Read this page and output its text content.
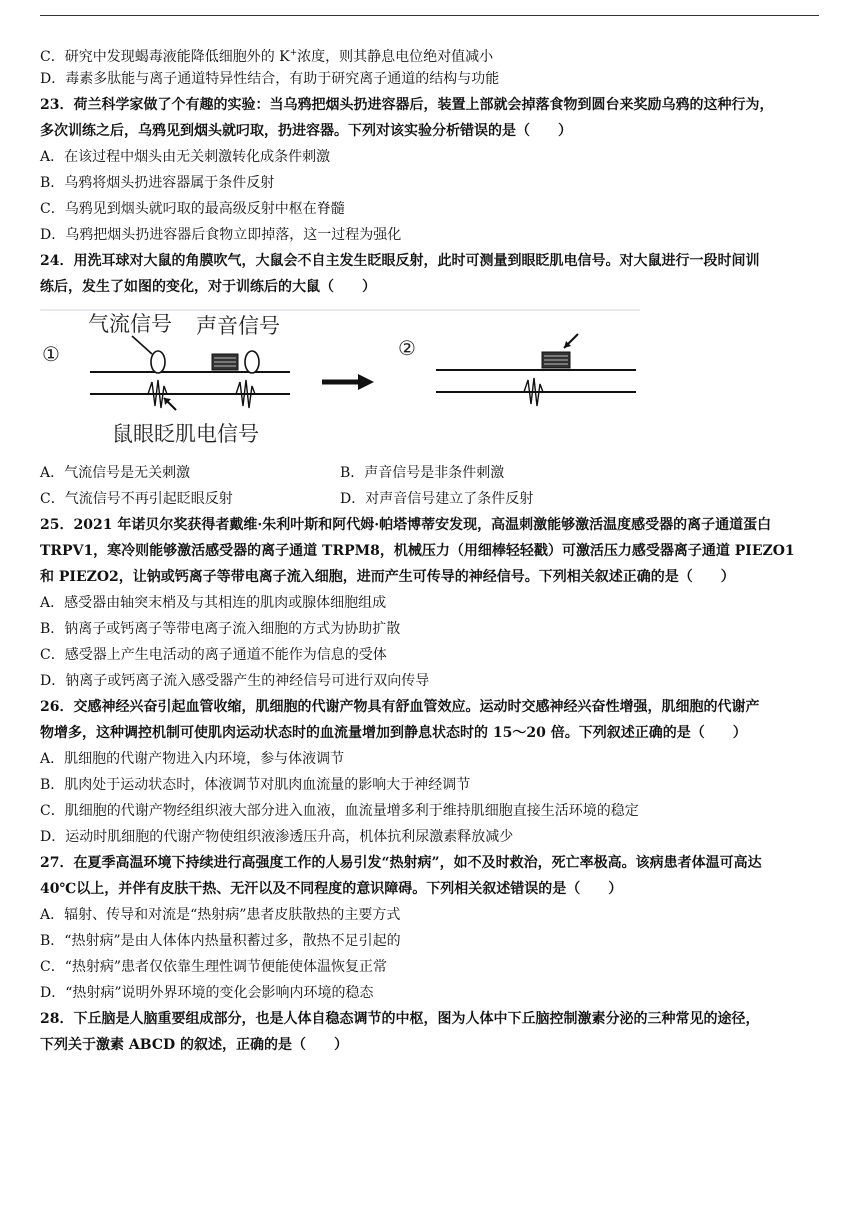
C．研究中发现蝎毒液能降低细胞外的 K+浓度，则其静息电位绝对值减小
D．毒素多肽能与离子通道特异性结合，有助于研究离子通道的结构与功能
23．荷兰科学家做了个有趣的实验：当乌鸦把烟头扔进容器后，装置上部就会掉落食物到圆台来奖励乌鸦的这种行为，
多次训练之后，乌鸦见到烟头就叼取，扔进容器。下列对该实验分析错误的是（　　）
A．在该过程中烟头由无关刺激转化成条件刺激
B．乌鸦将烟头扔进容器属于条件反射
C．乌鸦见到烟头就叼取的最高级反射中枢在脊髓
D．乌鸦把烟头扔进容器后食物立即掉落，这一过程为强化
24．用洗耳球对大鼠的角膜吹气，大鼠会不自主发生眨眼反射，此时可测量到眼眨肌电信号。对大鼠进行一段时间训
练后，发生了如图的变化，对于训练后的大鼠（　　）
①	②
气流信号 声音信号
鼠眼眨肌电信号
A．气流信号是无关刺激	B．声音信号是非条件刺激
C．气流信号不再引起眨眼反射	D．对声音信号建立了条件反射
25．2021 年诺贝尔奖获得者戴维·朱利叶斯和阿代姆·帕塔博蒂安发现，高温刺激能够激活温度感受器的离子通道蛋白
TRPV1，寒冷则能够激活感受器的离子通道 TRPM8，机械压力（用细棒轻轻戳）可激活压力感受器离子通道 PIEZO1
和 PIEZO2，让钠或钙离子等带电离子流入细胞，进而产生可传导的神经信号。下列相关叙述正确的是（　　）
A．感受器由轴突末梢及与其相连的肌肉或腺体细胞组成
B．钠离子或钙离子等带电离子流入细胞的方式为协助扩散
C．感受器上产生电活动的离子通道不能作为信息的受体
D．钠离子或钙离子流入感受器产生的神经信号可进行双向传导
26．交感神经兴奋引起血管收缩，肌细胞的代谢产物具有舒血管效应。运动时交感神经兴奋性增强，肌细胞的代谢产
物增多，这种调控机制可使肌肉运动状态时的血流量增加到静息状态时的 15～20 倍。下列叙述正确的是（　　）
A．肌细胞的代谢产物进入内环境，参与体液调节
B．肌肉处于运动状态时，体液调节对肌肉血流量的影响大于神经调节
C．肌细胞的代谢产物经组织液大部分进入血液，血流量增多利于维持肌细胞直接生活环境的稳定
D．运动时肌细胞的代谢产物使组织液渗透压升高，机体抗利尿激素释放减少
27．在夏季高温环境下持续进行高强度工作的人易引发“热射病”，如不及时救治，死亡率极高。该病患者体温可高达
40℃以上，并伴有皮肤干热、无汗以及不同程度的意识障碍。下列相关叙述错误的是（　　）
A．辐射、传导和对流是“热射病”患者皮肤散热的主要方式
B．“热射病”是由人体体内热量积蓄过多，散热不足引起的
C．“热射病”患者仅依靠生理性调节便能使体温恢复正常
D．“热射病”说明外界环境的变化会影响内环境的稳态
28．下丘脑是人脑重要组成部分，也是人体自稳态调节的中枢，图为人体中下丘脑控制激素分泌的三种常见的途径，
下列关于激素 ABCD 的叙述，正确的是（　　）
